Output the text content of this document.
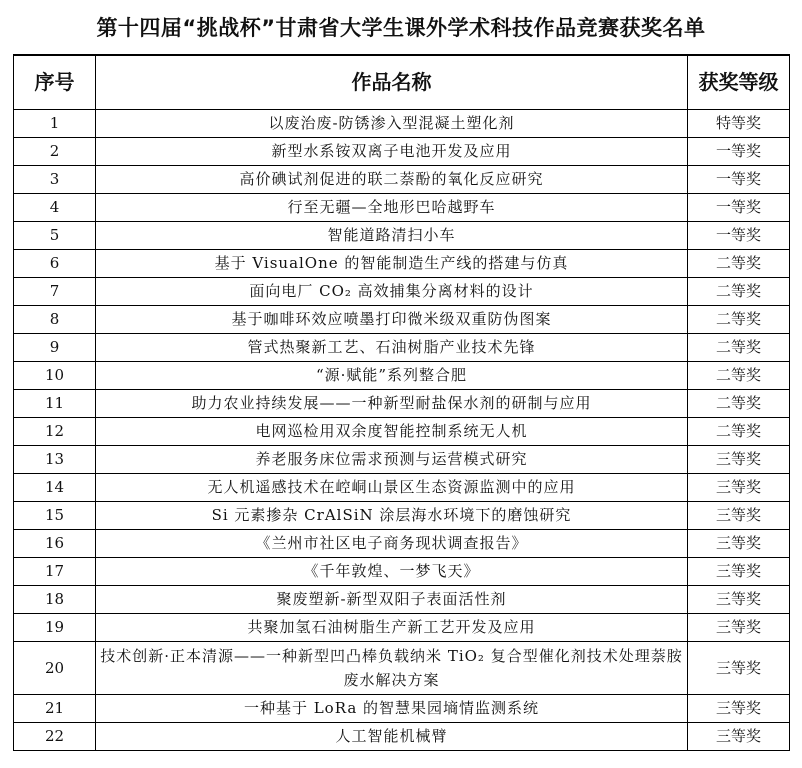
第十四届“挑战杯”甘肃省大学生课外学术科技作品竞赛获奖名单
序号	作品名称	获奖等级
1	以废治废-防锈渗入型混凝土塑化剂	特等奖
2	新型水系铵双离子电池开发及应用	一等奖
3	高价碘试剂促进的联二萘酚的氧化反应研究	一等奖
4	行至无疆—全地形巴哈越野车	一等奖
5	智能道路清扫小车	一等奖
6	基于 VisualOne 的智能制造生产线的搭建与仿真	二等奖
7	面向电厂 CO₂ 高效捕集分离材料的设计	二等奖
8	基于咖啡环效应喷墨打印微米级双重防伪图案	二等奖
9	管式热聚新工艺、石油树脂产业技术先锋	二等奖
10	“源·赋能”系列整合肥	二等奖
11	助力农业持续发展——一种新型耐盐保水剂的研制与应用	二等奖
12	电网巡检用双余度智能控制系统无人机	二等奖
13	养老服务床位需求预测与运营模式研究	三等奖
14	无人机遥感技术在崆峒山景区生态资源监测中的应用	三等奖
15	Si 元素掺杂 CrAlSiN 涂层海水环境下的磨蚀研究	三等奖
16	《兰州市社区电子商务现状调查报告》	三等奖
17	《千年敦煌、一梦飞天》	三等奖
18	聚废塑新-新型双阳子表面活性剂	三等奖
19	共聚加氢石油树脂生产新工艺开发及应用	三等奖
20	技术创新·正本清源——一种新型凹凸棒负载纳米 TiO₂ 复合型催化剂技术处理萘胺废水解决方案	三等奖
21	一种基于 LoRa 的智慧果园墒情监测系统	三等奖
22	人工智能机械臂	三等奖
